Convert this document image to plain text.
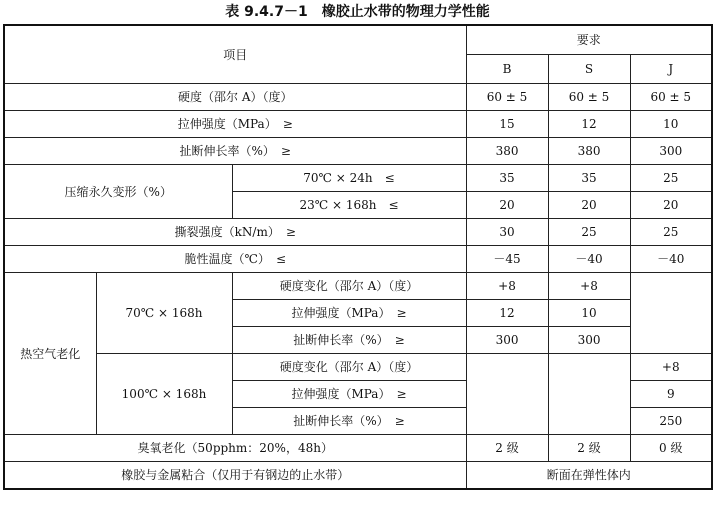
表 9.4.7－1　橡胶止水带的物理力学性能
项目			要求		
			B	S	J
硬度（邵尔 A）（度）			60 ± 5	60 ± 5	60 ± 5
拉伸强度（MPa）　≥			15	12	10
扯断伸长率（%）　≥			380	380	300
压缩永久变形（%）		70℃ × 24h　≤	35	35	25
		23℃ × 168h　≤	20	20	20
撕裂强度（kN/m）　≥			30	25	25
脆性温度（℃）　≤			－45	－40	－40
热空气老化	70℃ × 168h	硬度变化（邵尔 A）（度）	+8	+8	
		拉伸强度（MPa）　≥	12	10	
		扯断伸长率（%）　≥	300	300	
	100℃ × 168h	硬度变化（邵尔 A）（度）			+8
		拉伸强度（MPa）　≥			9
		扯断伸长率（%）　≥			250
臭氧老化（50pphm：20%，48h）			2 级	2 级	0 级
橡胶与金属粘合（仅用于有钢边的止水带）			断面在弹性体内		
